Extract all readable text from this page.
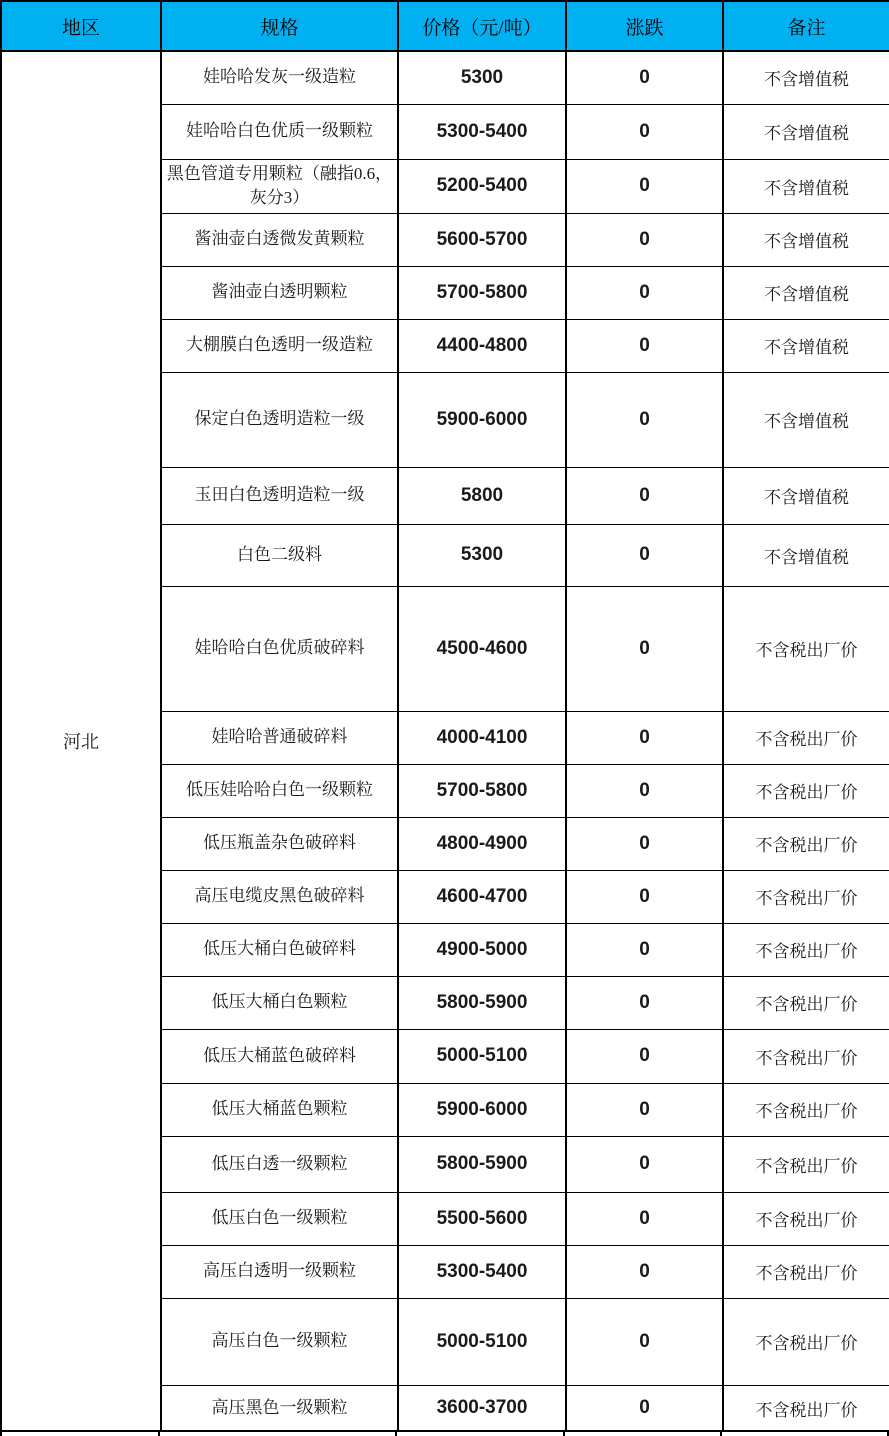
地区	规格	价格（元/吨）	涨跌	备注
河北	娃哈哈发灰一级造粒	5300	0	不含增值税
	娃哈哈白色优质一级颗粒	5300-5400	0	不含增值税
	黑色管道专用颗粒（融指0.6，灰分3）	5200-5400	0	不含增值税
	酱油壶白透微发黄颗粒	5600-5700	0	不含增值税
	酱油壶白透明颗粒	5700-5800	0	不含增值税
	大棚膜白色透明一级造粒	4400-4800	0	不含增值税
	保定白色透明造粒一级	5900-6000	0	不含增值税
	玉田白色透明造粒一级	5800	0	不含增值税
	白色二级料	5300	0	不含增值税
	娃哈哈白色优质破碎料	4500-4600	0	不含税出厂价
	娃哈哈普通破碎料	4000-4100	0	不含税出厂价
	低压娃哈哈白色一级颗粒	5700-5800	0	不含税出厂价
	低压瓶盖杂色破碎料	4800-4900	0	不含税出厂价
	高压电缆皮黑色破碎料	4600-4700	0	不含税出厂价
	低压大桶白色破碎料	4900-5000	0	不含税出厂价
	低压大桶白色颗粒	5800-5900	0	不含税出厂价
	低压大桶蓝色破碎料	5000-5100	0	不含税出厂价
	低压大桶蓝色颗粒	5900-6000	0	不含税出厂价
	低压白透一级颗粒	5800-5900	0	不含税出厂价
	低压白色一级颗粒	5500-5600	0	不含税出厂价
	高压白透明一级颗粒	5300-5400	0	不含税出厂价
	高压白色一级颗粒	5000-5100	0	不含税出厂价
	高压黑色一级颗粒	3600-3700	0	不含税出厂价
